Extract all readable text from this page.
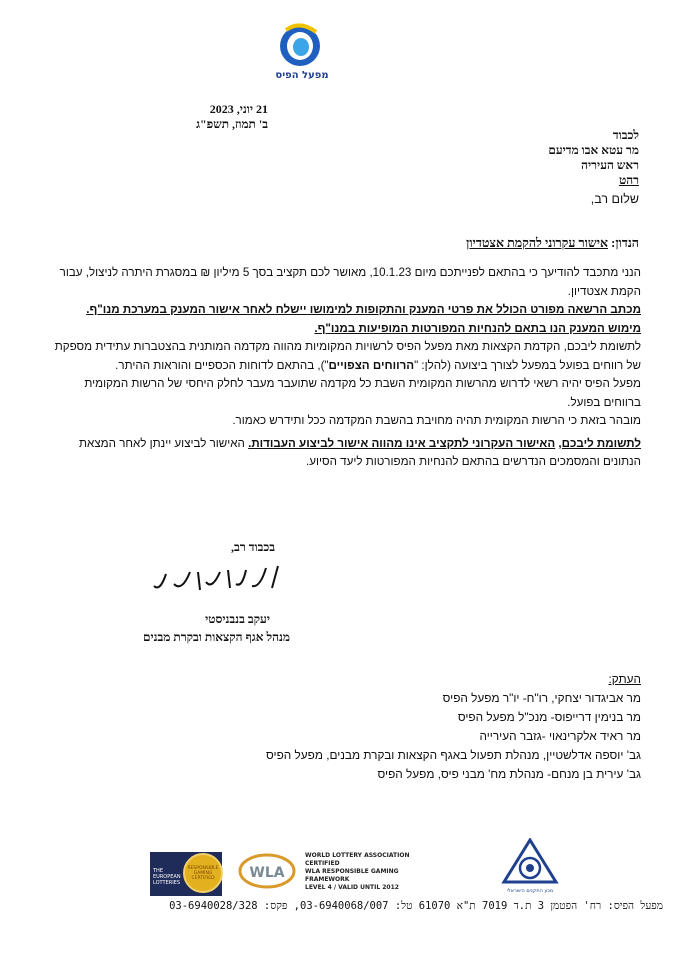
מפעל הפיס
21 יוני, 2023
ב' תמוז, תשפ"ג
לכבוד
מר עטא אבו מדיעם
ראש העיריה
רהט
שלום רב,
הנדון: אישור עקרוני להקמת אצטדיון

הנני מתכבד להודיעך כי בהתאם לפנייתכם מיום 10.1.23, מאושר לכם תקציב בסך 5 מיליון ₪ במסגרת היתרה לניצול, עבור הקמת אצטדיון.

מכתב הרשאה מפורט הכולל את פרטי המענק והתקופות למימושו יישלח לאחר אישור המענק במערכת מנו"ף.

מימוש המענק הנו בתאם להנחיות המפורטות המופיעות במנו"ף.

לתשומת ליבכם, הקדמת הקצאות מאת מפעל הפיס לרשויות המקומיות מהווה מקדמה המותנית בהצטברות עתידית מספקת של רווחים בפועל במפעל לצורך ביצועה (להלן: "הרווחים הצפויים"), בהתאם לדוחות הכספיים והוראות ההיתר.

מפעל הפיס יהיה רשאי לדרוש מהרשות המקומית השבת כל מקדמה שתועבר מעבר לחלק היחסי של הרשות המקומית ברווחים בפועל.

מובהר בזאת כי הרשות המקומית תהיה מחויבת בהשבת המקדמה ככל ותידרש כאמור.

לתשומת ליבכם, האישור העקרוני לתקציב אינו מהווה אישור לביצוע העבודות. האישור לביצוע יינתן לאחר המצאת הנתונים והמסמכים הנדרשים בהתאם להנחיות המפורטות ליעד הסיוע.

בכבוד רב,
יעקב בנבניסטי
מנהל אגף הקצאות ובקרת מבנים
העתק:
מר אביגדור יצחקי, רו"ח- יו"ר מפעל הפיס
מר בנימין דרייפוס- מנכ"ל מפעל הפיס
מר ראיד אלקרינאוי -גזבר העירייה
גב' יוספה אדלשטיין, מנהלת תפעול באגף הקצאות ובקרת מבנים, מפעל הפיס
גב' עירית בן מנחם- מנהלת מח' מבני פיס, מפעל הפיס
THE EUROPEAN LOTTERIES
RESPONSIBLE GAMING CERTIFIED	WLA
WORLD LOTTERY ASSOCIATION
CERTIFIED
WLA RESPONSIBLE GAMING
FRAMEWORK
LEVEL 4 / VALID UNTIL 2012	מכון התקנים הישראלי
מפעל הפיס: רח' הפטמן 3 ת.ד 7019 ת"א 61070 טל: 03-6940068/007, פקס: 03-6940028/328
